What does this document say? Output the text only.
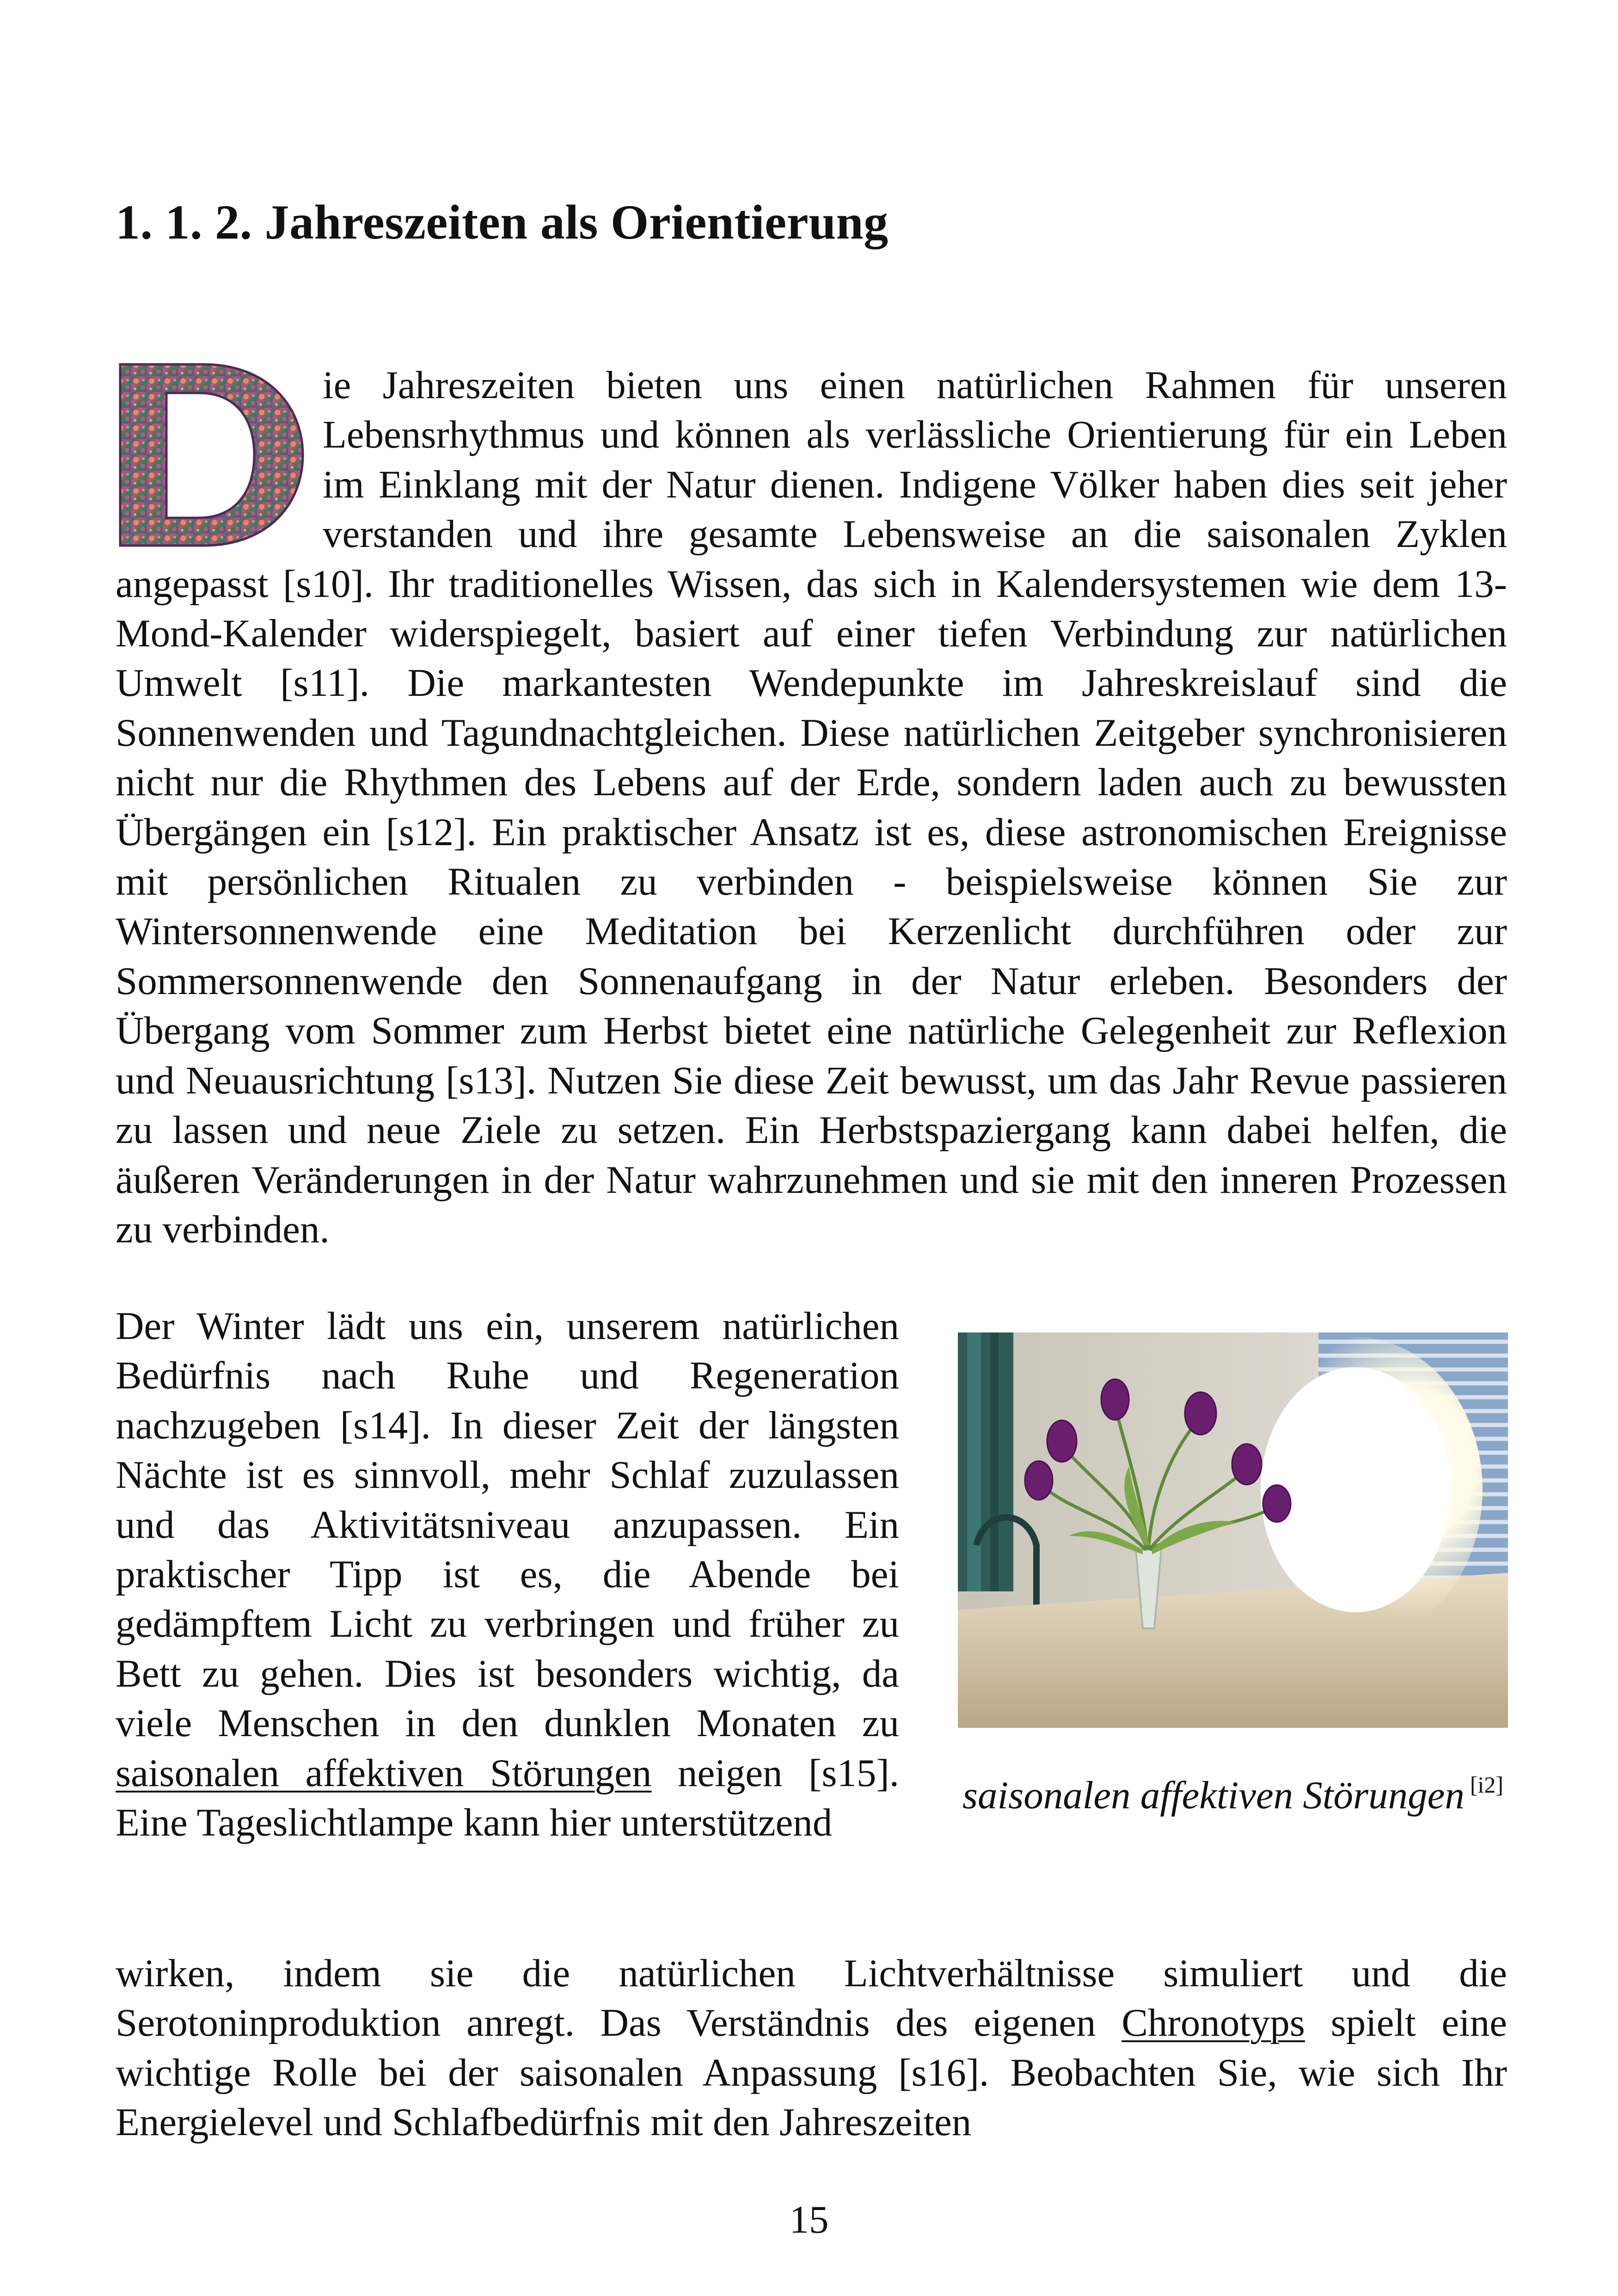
1. 1. 2. Jahreszeiten als Orientierung

ie Jahreszeiten bieten uns einen natürlichen Rahmen für unseren Lebensrhythmus und können als verlässliche Orientierung für ein Leben im Einklang mit der Natur dienen. Indigene Völker haben dies seit jeher verstanden und ihre gesamte Lebensweise an die saisonalen Zyklen angepasst [s10]. Ihr traditionelles Wissen, das sich in Kalendersystemen wie dem 13-Mond-Kalender widerspiegelt, basiert auf einer tiefen Verbindung zur natürlichen Umwelt [s11]. Die markantesten Wendepunkte im Jahreskreislauf sind die Sonnenwenden und Tagundnachtgleichen. Diese natürlichen Zeitgeber synchronisieren nicht nur die Rhythmen des Lebens auf der Erde, sondern laden auch zu bewussten Übergängen ein [s12]. Ein praktischer Ansatz ist es, diese astronomischen Ereignisse mit persönlichen Ritualen zu verbinden - beispielsweise können Sie zur Wintersonnenwende eine Meditation bei Kerzenlicht durchführen oder zur Sommersonnenwende den Sonnenaufgang in der Natur erleben. Besonders der Übergang vom Sommer zum Herbst bietet eine natürliche Gelegenheit zur Reflexion und Neuausrichtung [s13]. Nutzen Sie diese Zeit bewusst, um das Jahr Revue passieren zu lassen und neue Ziele zu setzen. Ein Herbstspaziergang kann dabei helfen, die äußeren Veränderungen in der Natur wahrzunehmen und sie mit den inneren Prozessen zu verbinden.

Der Winter lädt uns ein, unserem natürlichen Bedürfnis nach Ruhe und Regeneration nachzugeben [s14]. In dieser Zeit der längsten Nächte ist es sinnvoll, mehr Schlaf zuzulassen und das Aktivitätsniveau anzupassen. Ein praktischer Tipp ist es, die Abende bei gedämpftem Licht zu verbringen und früher zu Bett zu gehen. Dies ist besonders wichtig, da viele Menschen in den dunklen Monaten zu saisonalen affektiven Störungen neigen [s15]. Eine Tageslichtlampe kann hier unterstützend

saisonalen affektiven Störungen [i2]

wirken, indem sie die natürlichen Lichtverhältnisse simuliert und die Serotoninproduktion anregt. Das Verständnis des eigenen Chronotyps spielt eine wichtige Rolle bei der saisonalen Anpassung [s16]. Beobachten Sie, wie sich Ihr Energielevel und Schlafbedürfnis mit den Jahreszeiten

15
